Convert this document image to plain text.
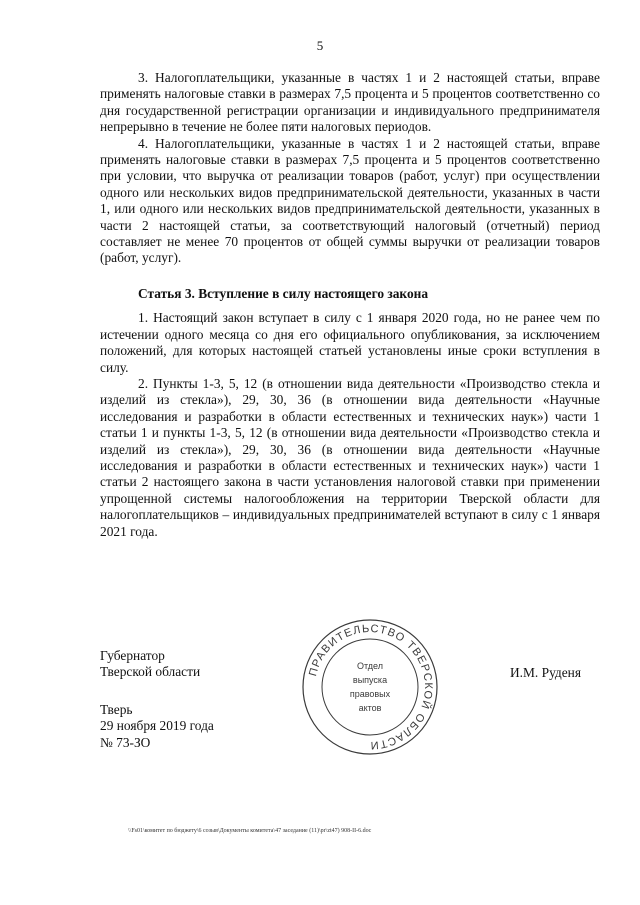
5

3. Налогоплательщики, указанные в частях 1 и 2 настоящей статьи, вправе применять налоговые ставки в размерах 7,5 процента и 5 процентов соответственно со дня государственной регистрации организации и индивидуального предпринимателя непрерывно в течение не более пяти налоговых периодов.

4. Налогоплательщики, указанные в частях 1 и 2 настоящей статьи, вправе применять налоговые ставки в размерах 7,5 процента и 5 процентов соответственно при условии, что выручка от реализации товаров (работ, услуг) при осуществлении одного или нескольких видов предпринимательской деятельности, указанных в части 1, или одного или нескольких видов предпринимательской деятельности, указанных в части 2 настоящей статьи, за соответствующий налоговый (отчетный) период составляет не менее 70 процентов от общей суммы выручки от реализации товаров (работ, услуг).

Статья 3. Вступление в силу настоящего закона

1. Настоящий закон вступает в силу с 1 января 2020 года, но не ранее чем по истечении одного месяца со дня его официального опубликования, за исключением положений, для которых настоящей статьей установлены иные сроки вступления в силу.

2. Пункты 1-3, 5, 12 (в отношении вида деятельности «Производство стекла и изделий из стекла»), 29, 30, 36 (в отношении вида деятельности «Научные исследования и разработки в области естественных и технических наук») части 1 статьи 1 и пункты 1-3, 5, 12 (в отношении вида деятельности «Производство стекла и изделий из стекла»), 29, 30, 36 (в отношении вида деятельности «Научные исследования и разработки в области естественных и технических наук») части 1 статьи 2 настоящего закона в части установления налоговой ставки при применении упрощенной системы налогообложения на территории Тверской области для налогоплательщиков – индивидуальных предпринимателей вступают в силу с 1 января 2021 года.

Губернатор
Тверской области	И.М. Руденя
Тверь
29 ноября 2019 года
№ 73-ЗО
ПРАВИТЕЛЬСТВО ТВЕРСКОЙ ОБЛАСТИ
Отдел
выпуска
правовых
актов
\\Fs01\комитет по бюджету\6 созыв\Документы комитета\47 заседание (11)\pr\zt47) 908-II-6.doc
